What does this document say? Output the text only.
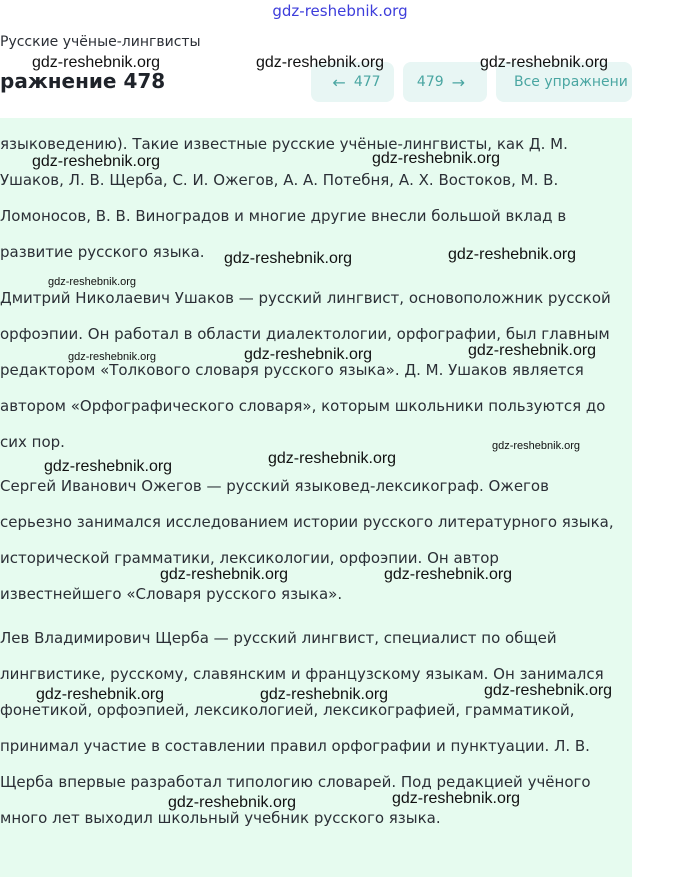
gdz-reshebnik.org
Русские учёные-лингвисты
ражнение 478	← 477	479 →	Все упражнени

языковедению). Такие известные русские учёные-лингвисты, как Д. М. Ушаков, Л. В. Щерба, С. И. Ожегов, А. А. Потебня, А. Х. Востоков, М. В. Ломоносов, В. В. Виноградов и многие другие внесли большой вклад в развитие русского языка.

Дмитрий Николаевич Ушаков — русский лингвист, основоположник русской орфоэпии. Он работал в области диалектологии, орфографии, был главным редактором «Толкового словаря русского языка». Д. М. Ушаков является автором «Орфографического словаря», которым школьники пользуются до сих пор.

Сергей Иванович Ожегов — русский языковед-лексикограф. Ожегов серьезно занимался исследованием истории русского литературного языка, исторической грамматики, лексикологии, орфоэпии. Он автор известнейшего «Словаря русского языка».

Лев Владимирович Щерба — русский лингвист, специалист по общей лингвистике, русскому, славянским и французскому языкам. Он занимался фонетикой, орфоэпией, лексикологией, лексикографией, грамматикой, принимал участие в составлении правил орфографии и пунктуации. Л. В. Щерба впервые разработал типологию словарей. Под редакцией учёного много лет выходил школьный учебник русского языка.

gdz-reshebnik.org	gdz-reshebnik.org	gdz-reshebnik.org
gdz-reshebnik.org	gdz-reshebnik.org
gdz-reshebnik.org	gdz-reshebnik.org
gdz-reshebnik.org
gdz-reshebnik.org	gdz-reshebnik.org	gdz-reshebnik.org
gdz-reshebnik.org
gdz-reshebnik.org	gdz-reshebnik.org
gdz-reshebnik.org	gdz-reshebnik.org
gdz-reshebnik.org	gdz-reshebnik.org	gdz-reshebnik.org
gdz-reshebnik.org	gdz-reshebnik.org
